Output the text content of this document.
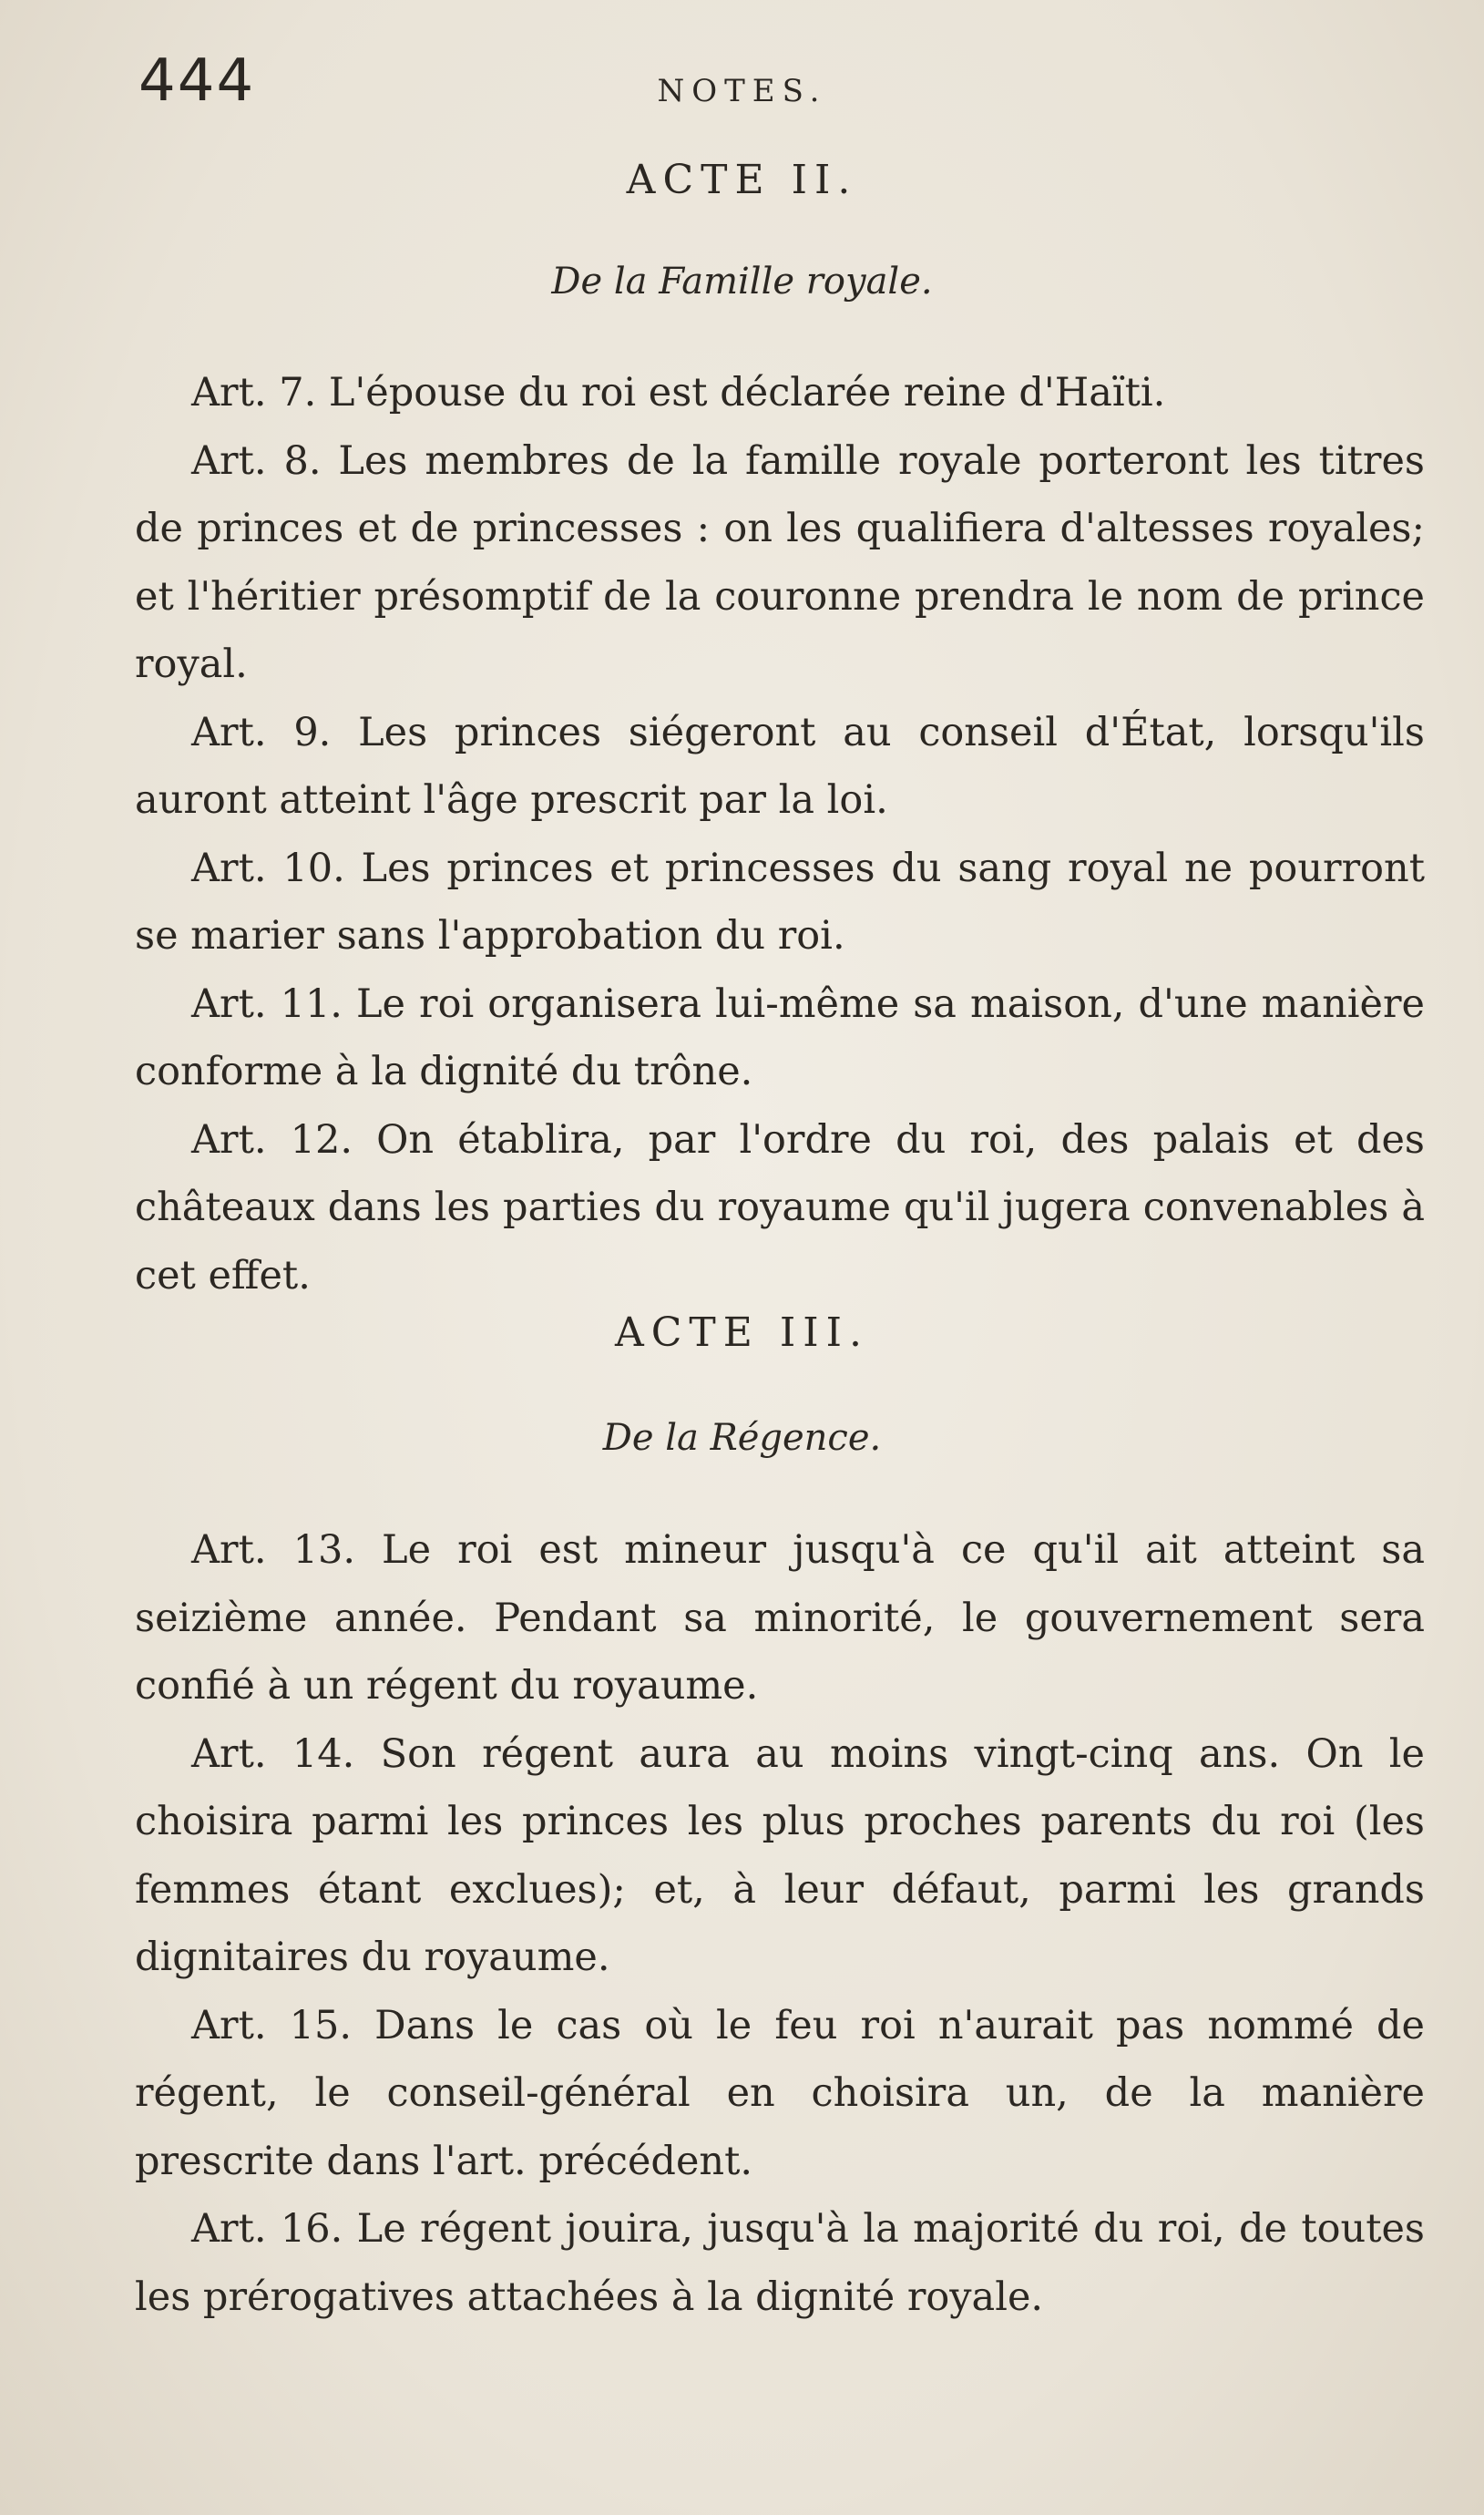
444	NOTES.
ACTE II.
De la Famille royale.

Art. 7. L'épouse du roi est déclarée reine d'Haïti.

Art. 8. Les membres de la famille royale porteront les titres de princes et de princesses : on les qualifiera d'altesses royales; et l'héritier présomptif de la couronne prendra le nom de prince royal.

Art. 9. Les princes siégeront au conseil d'État, lorsqu'ils auront atteint l'âge prescrit par la loi.

Art. 10. Les princes et princesses du sang royal ne pourront se marier sans l'approbation du roi.

Art. 11. Le roi organisera lui-même sa maison, d'une manière conforme à la dignité du trône.

Art. 12. On établira, par l'ordre du roi, des palais et des châteaux dans les parties du royaume qu'il jugera convenables à cet effet.

ACTE III.
De la Régence.

Art. 13. Le roi est mineur jusqu'à ce qu'il ait atteint sa seizième année. Pendant sa minorité, le gouvernement sera confié à un régent du royaume.

Art. 14. Son régent aura au moins vingt-cinq ans. On le choisira parmi les princes les plus proches parents du roi (les femmes étant exclues); et, à leur défaut, parmi les grands dignitaires du royaume.

Art. 15. Dans le cas où le feu roi n'aurait pas nommé de régent, le conseil-général en choisira un, de la manière prescrite dans l'art. précédent.

Art. 16. Le régent jouira, jusqu'à la majorité du roi, de toutes les prérogatives attachées à la dignité royale.
